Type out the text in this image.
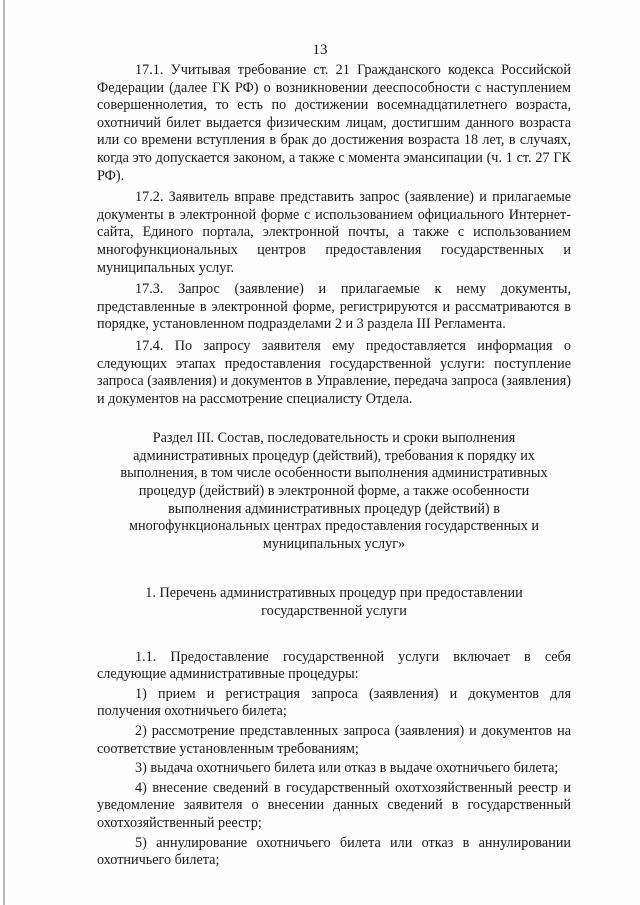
13

17.1. Учитывая требование ст. 21 Гражданского кодекса Российской Федерации (далее ГК РФ) о возникновении дееспособности с наступлением совершеннолетия, то есть по достижении восемнадцатилетнего возраста, охотничий билет выдается физическим лицам, достигшим данного возраста или со времени вступления в брак до достижения возраста 18 лет, в случаях, когда это допускается законом, а также с момента эмансипации (ч. 1 ст. 27 ГК РФ).

17.2. Заявитель вправе представить запрос (заявление) и прилагаемые документы в электронной форме с использованием официального Интернет-сайта, Единого портала, электронной почты, а также с использованием многофункциональных центров предоставления государственных и муниципальных услуг.

17.3. Запрос (заявление) и прилагаемые к нему документы, представленные в электронной форме, регистрируются и рассматриваются в порядке, установленном подразделами 2 и 3 раздела III Регламента.

17.4. По запросу заявителя ему предоставляется информация о следующих этапах предоставления государственной услуги: поступление запроса (заявления) и документов в Управление, передача запроса (заявления) и документов на рассмотрение специалисту Отдела.

Раздел III. Состав, последовательность и сроки выполнения административных процедур (действий), требования к порядку их выполнения, в том числе особенности выполнения административных процедур (действий) в электронной форме, а также особенности выполнения административных процедур (действий) в многофункциональных центрах предоставления государственных и муниципальных услуг»

1. Перечень административных процедур при предоставлении государственной услуги

1.1. Предоставление государственной услуги включает в себя следующие административные процедуры:

1) прием и регистрация запроса (заявления) и документов для получения охотничьего билета;

2) рассмотрение представленных запроса (заявления) и документов на соответствие установленным требованиям;

3) выдача охотничьего билета или отказ в выдаче охотничьего билета;

4) внесение сведений в государственный охотхозяйственный реестр и уведомление заявителя о внесении данных сведений в государственный охотхозяйственный реестр;

5) аннулирование охотничьего билета или отказ в аннулировании охотничьего билета;
